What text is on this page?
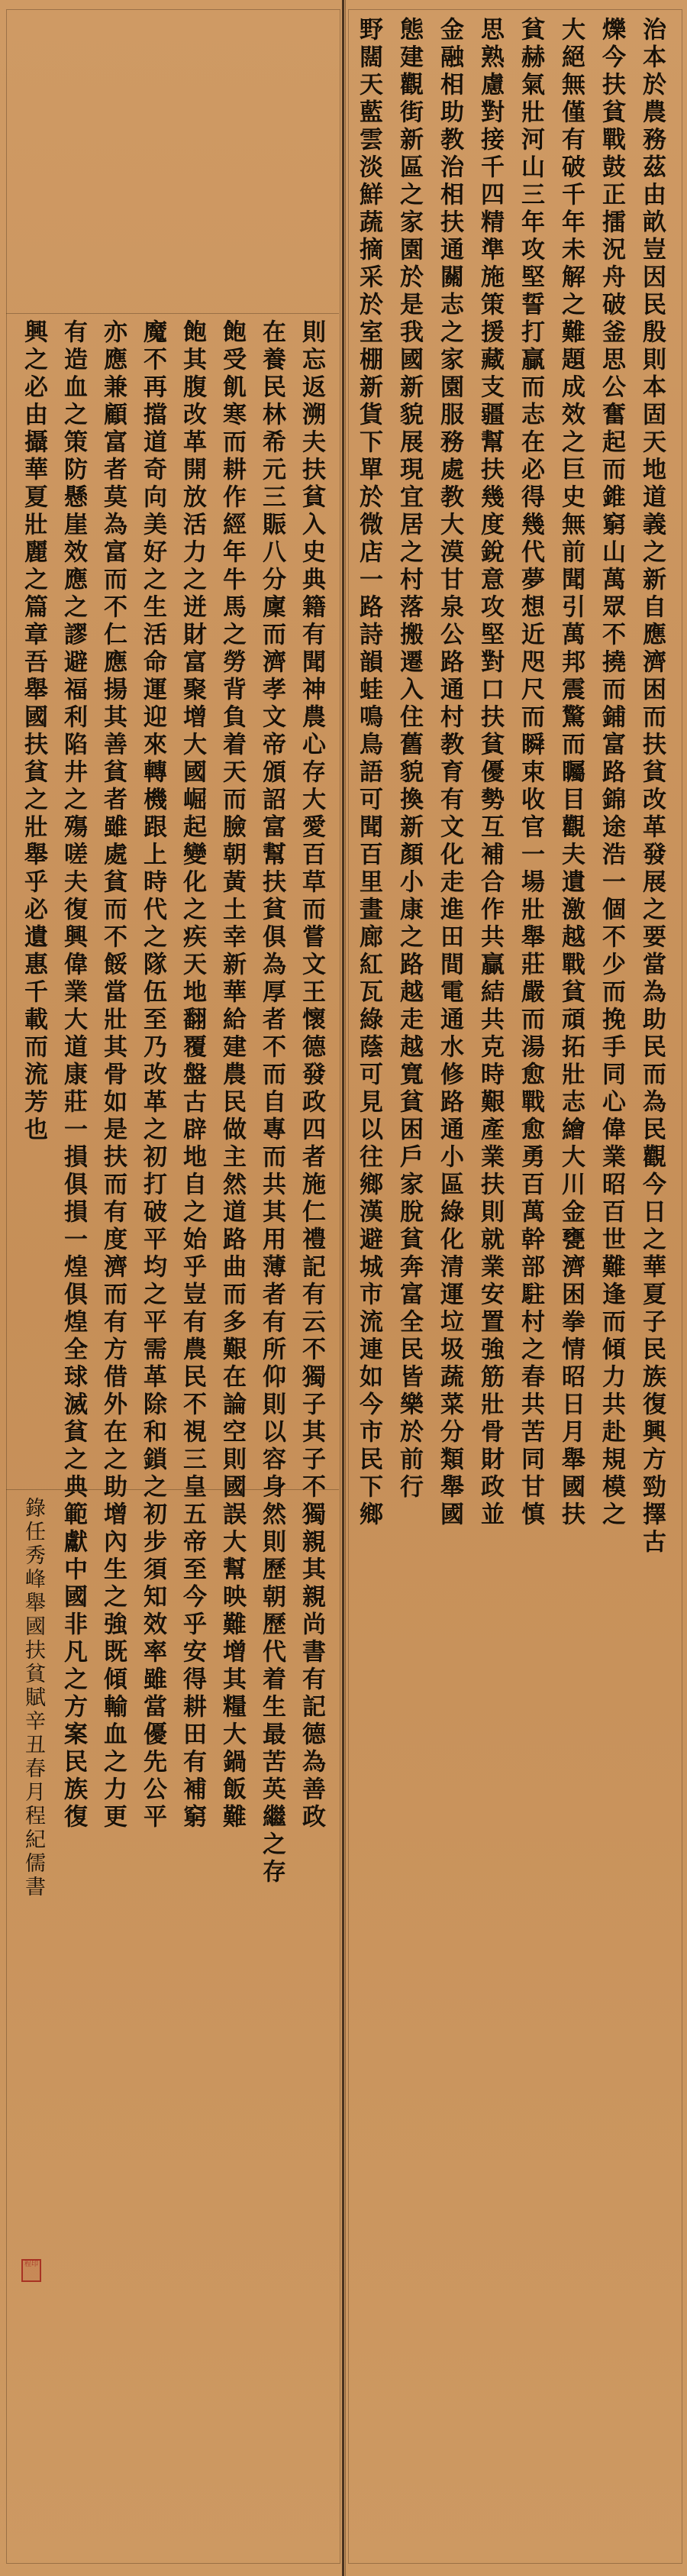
治本於農務茲由畝豈因民殷則本固天地道義之新自應濟困而扶貧改革發展之要當為助民而為民觀今日之華夏子民族復興方勁擇古
爍今扶貧戰鼓正擂況舟破釜思公奮起而錐窮山萬眾不撓而鋪富路錦途浩一個不少而挽手同心偉業昭百世難逢而傾力共赴規模之
大絕無僅有破千年未解之難題成效之巨史無前聞引萬邦震驚而矚目觀夫遺激越戰貧頑拓壯志繪大川金甕濟困拳情昭日月舉國扶
貧赫氣壯河山三年攻堅誓打贏而志在必得幾代夢想近咫尺而瞬束收官一場壯舉莊嚴而湯愈戰愈勇百萬幹部駐村之春共苦同甘慎
思熟慮對接千四精準施策援藏支疆幫扶幾度銳意攻堅對口扶貧優勢互補合作共贏結共克時艱產業扶則就業安置強筋壯骨財政並
金融相助教治相扶通關志之家園服務處教大漠甘泉公路通村教育有文化走進田間電通水修路通小區綠化清運垃圾蔬菜分類舉國
態建觀街新區之家園於是我國新貌展現宜居之村落搬遷入住舊貌換新顏小康之路越走越寬貧困戶家脫貧奔富全民皆樂於前行
野闊天藍雲淡鮮蔬摘采於室棚新貨下單於微店一路詩韻蛙鳴鳥語可聞百里畫廊紅瓦綠蔭可見以往鄉漢避城市流連如今市民下鄉
則忘返溯夫扶貧入史典籍有聞神農心存大愛百草而嘗文王懷德發政四者施仁禮記有云不獨子其子不獨親其親尚書有記德為善政
在養民林希元三賑八分廩而濟孝文帝頒詔富幫扶貧俱為厚者不而自專而共其用薄者有所仰則以容身然則歷朝歷代着生最苦英繼之存
飽受飢寒而耕作經年牛馬之勞背負着天而臉朝黃土幸新華給建農民做主然道路曲而多艱在論空則國誤大幫映難增其糧大鍋飯難
飽其腹改革開放活力之迸財富聚增大國崛起變化之疾天地翻覆盤古辟地自之始乎豈有農民不視三皇五帝至今乎安得耕田有補窮
魔不再擋道奇向美好之生活命運迎來轉機跟上時代之隊伍至乃改革之初打破平均之平需革除和鎖之初步須知效率雖當優先公平
亦應兼顧富者莫為富而不仁應揚其善貧者雖處貧而不餒當壯其骨如是扶而有度濟而有方借外在之助增內生之強既傾輸血之力更
有造血之策防懸崖效應之謬避福利陷井之殤嗟夫復興偉業大道康莊一損俱損一煌俱煌全球滅貧之典範獻中國非凡之方案民族復
興之必由攝華夏壯麗之篇章吾舉國扶貧之壯舉乎必遺惠千載而流芳也
錄任秀峰舉國扶貧賦辛丑春月程紀儒書
程印
